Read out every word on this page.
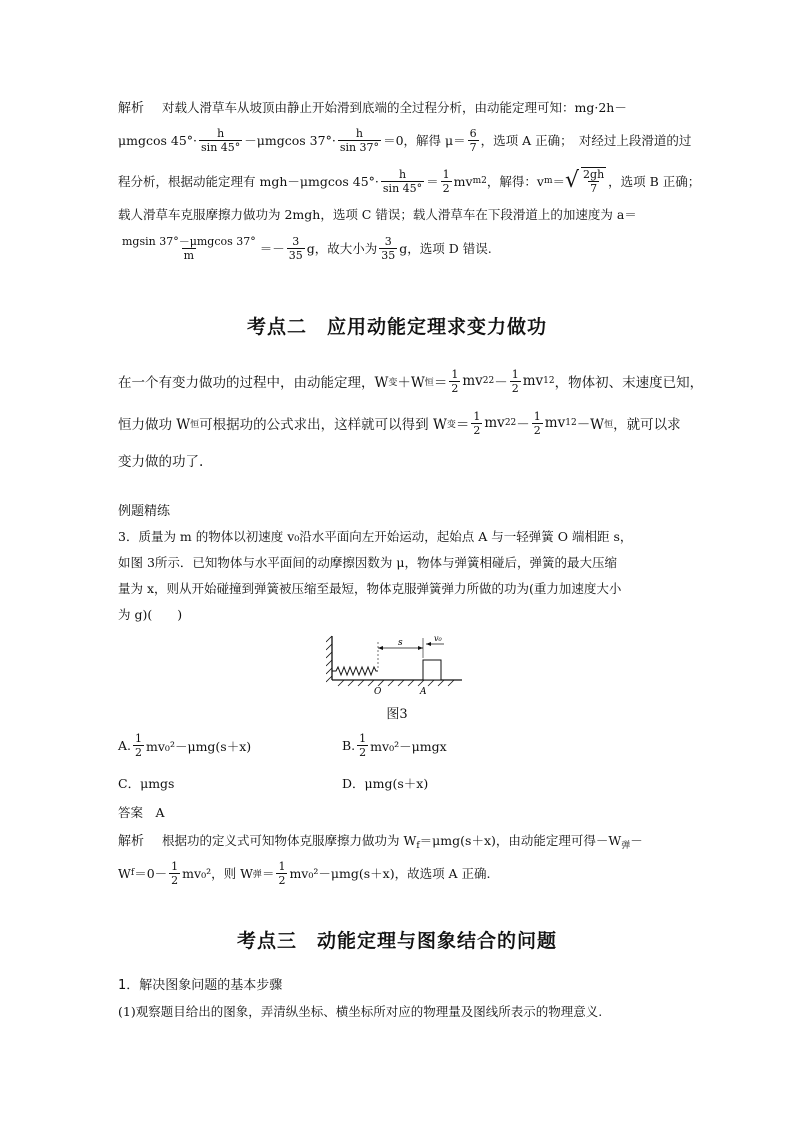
解析 对载人滑草车从坡顶由静止开始滑到底端的全过程分析，由动能定理可知：mg·2h－
μmgcos $45^\circ\cdot \frac{h}{\sin 45^\circ} -\mu mgcos$ $37^\circ\cdot \frac{h}{\sin 37^\circ} =0$，解得 $\mu= \frac{6}{7}$ ，选项 A 正确；　对经过上段滑道的过
程分析，根据动能定理有 mgh－μmgcos $45^\circ\cdot \frac{h}{\sin 45^\circ} = \frac{1}{2}$ mv m 2 ，解得：v m ＝ √ $\frac{2gh}{7}$ ，选项 B 正确；
载人滑草车克服摩擦力做功为 2mgh，选项 C 错误；载人滑草车在下段滑道上的加速度为 a＝
$\frac{\text{mgsin 37°－μmgcos 37°}}{m} =- \frac{3}{35}$ g，故大小为 $\frac{3}{35}$ g，选项 D 错误.
考点二　应用动能定理求变力做功
在一个有变力做功的过程中，由动能定理，W 变 ＋W 恒 ＝ $\frac{1}{2}$ mv 2 $2 - \frac{1}{2}$ mv 1 2 ，物体初、末速度已知，
恒力做功 W 恒 可根据功的公式求出，这样就可以得到 W 变 ＝ $\frac{1}{2}$ mv 2 $2 - \frac{1}{2}$ mv 1 2 －W 恒 ，就可以求
变力做的功了.
例题精练
3．质量为 m 的物体以初速度 v₀沿水平面向左开始运动，起始点 A 与一轻弹簧 O 端相距 s，
如图 3所示．已知物体与水平面间的动摩擦因数为 μ，物体与弹簧相碰后，弹簧的最大压缩
量为 x，则从开始碰撞到弹簧被压缩至最短，物体克服弹簧弹力所做的功为(重力加速度大小
为 g)(　　)
s	v₀
O	A
图3
A. $\frac{1}{2} mv_0^2-\mu mg(s+x)$	B. $\frac{1}{2} mv_0^2-\mu mgx$
C．μmgs	D．μmg(s＋x)
答案　A
解析 根据功的定义式可知物体克服摩擦力做功为 $W_f=\mu mg(s+x)$，由动能定理可得$-W_弹-$
W $f =0- \frac{1}{2} mv_0^2$，则 W 弹 ＝ $\frac{1}{2} mv_0^2-\mu mg(s+x)$，故选项 A 正确.
考点三　动能定理与图象结合的问题
1．解决图象问题的基本步骤
(1)观察题目给出的图象，弄清纵坐标、横坐标所对应的物理量及图线所表示的物理意义.
